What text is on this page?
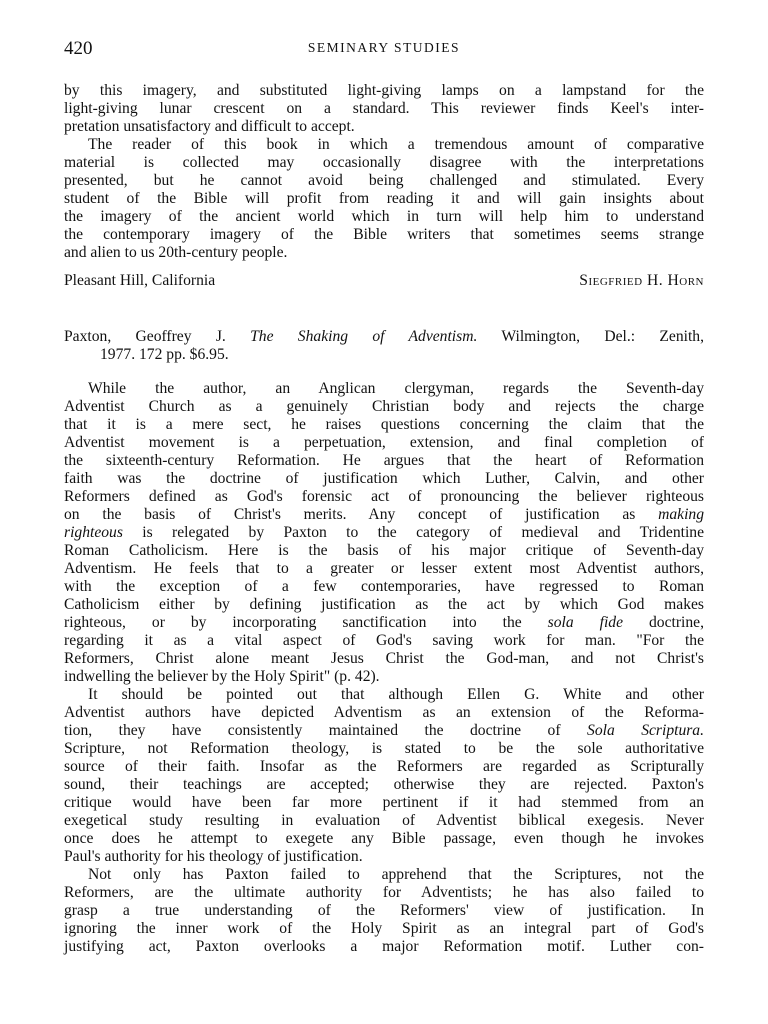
420	SEMINARY STUDIES
by this imagery, and substituted light-giving lamps on a lampstand for the
light-giving lunar crescent on a standard. This reviewer finds Keel's inter-
pretation unsatisfactory and difficult to accept.
The reader of this book in which a tremendous amount of comparative
material is collected may occasionally disagree with the interpretations
presented, but he cannot avoid being challenged and stimulated. Every
student of the Bible will profit from reading it and will gain insights about
the imagery of the ancient world which in turn will help him to understand
the contemporary imagery of the Bible writers that sometimes seems strange
and alien to us 20th-century people.
Pleasant Hill, California	Siegfried H. Horn
Paxton, Geoffrey J. The Shaking of Adventism. Wilmington, Del.: Zenith,
1977. 172 pp. $6.95.
While the author, an Anglican clergyman, regards the Seventh-day
Adventist Church as a genuinely Christian body and rejects the charge
that it is a mere sect, he raises questions concerning the claim that the
Adventist movement is a perpetuation, extension, and final completion of
the sixteenth-century Reformation. He argues that the heart of Reformation
faith was the doctrine of justification which Luther, Calvin, and other
Reformers defined as God's forensic act of pronouncing the believer righteous
on the basis of Christ's merits. Any concept of justification as making
righteous is relegated by Paxton to the category of medieval and Tridentine
Roman Catholicism. Here is the basis of his major critique of Seventh-day
Adventism. He feels that to a greater or lesser extent most Adventist authors,
with the exception of a few contemporaries, have regressed to Roman
Catholicism either by defining justification as the act by which God makes
righteous, or by incorporating sanctification into the sola fide doctrine,
regarding it as a vital aspect of God's saving work for man. "For the
Reformers, Christ alone meant Jesus Christ the God-man, and not Christ's
indwelling the believer by the Holy Spirit" (p. 42).
It should be pointed out that although Ellen G. White and other
Adventist authors have depicted Adventism as an extension of the Reforma-
tion, they have consistently maintained the doctrine of Sola Scriptura.
Scripture, not Reformation theology, is stated to be the sole authoritative
source of their faith. Insofar as the Reformers are regarded as Scripturally
sound, their teachings are accepted; otherwise they are rejected. Paxton's
critique would have been far more pertinent if it had stemmed from an
exegetical study resulting in evaluation of Adventist biblical exegesis. Never
once does he attempt to exegete any Bible passage, even though he invokes
Paul's authority for his theology of justification.
Not only has Paxton failed to apprehend that the Scriptures, not the
Reformers, are the ultimate authority for Adventists; he has also failed to
grasp a true understanding of the Reformers' view of justification. In
ignoring the inner work of the Holy Spirit as an integral part of God's
justifying act, Paxton overlooks a major Reformation motif. Luther con-
